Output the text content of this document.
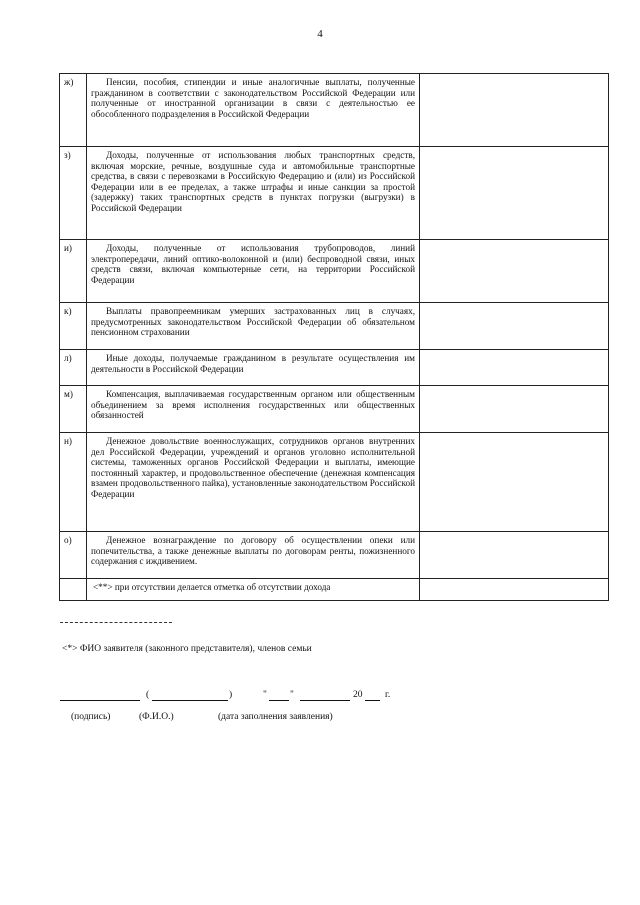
4
ж)	Пенсии, пособия, стипендии и иные аналогичные выплаты, полученные гражданином в соответствии с законодательством Российской Федерации или полученные от иностранной организации в связи с деятельностью ее обособленного подразделения в Российской Федерации	
з)	Доходы, полученные от использования любых транспортных средств, включая морские, речные, воздушные суда и автомобильные транспортные средства, в связи с перевозками в Российскую Федерацию и (или) из Российской Федерации или в ее пределах, а также штрафы и иные санкции за простой (задержку) таких транспортных средств в пунктах погрузки (выгрузки) в Российской Федерации	
и)	Доходы, полученные от использования трубопроводов, линий электропередачи, линий оптико-волоконной и (или) беспроводной связи, иных средств связи, включая компьютерные сети, на территории Российской Федерации	
к)	Выплаты правопреемникам умерших застрахованных лиц в случаях, предусмотренных законодательством Российской Федерации об обязательном пенсионном страховании	
л)	Иные доходы, получаемые гражданином в результате осуществления им деятельности в Российской Федерации	
м)	Компенсация, выплачиваемая государственным органом или общественным объединением за время исполнения государственных или общественных обязанностей	
н)	Денежное довольствие военнослужащих, сотрудников органов внутренних дел Российской Федерации, учреждений и органов уголовно исполнительной системы, таможенных органов Российской Федерации и выплаты, имеющие постоянный характер, и продовольственное обеспечение (денежная компенсация взамен продовольственного пайка), установленные законодательством Российской Федерации	
о)	Денежное вознаграждение по договору об осуществлении опеки или попечительства, а также денежные выплаты по договорам ренты, пожизненного содержания с иждивением.	
	<**> при отсутствии делается отметка об отсутствии дохода	
<*> ФИО заявителя (законного представителя), членов семьи
(	)	" "	20 г.
(подпись)	(Ф.И.О.)	(дата заполнения заявления)
